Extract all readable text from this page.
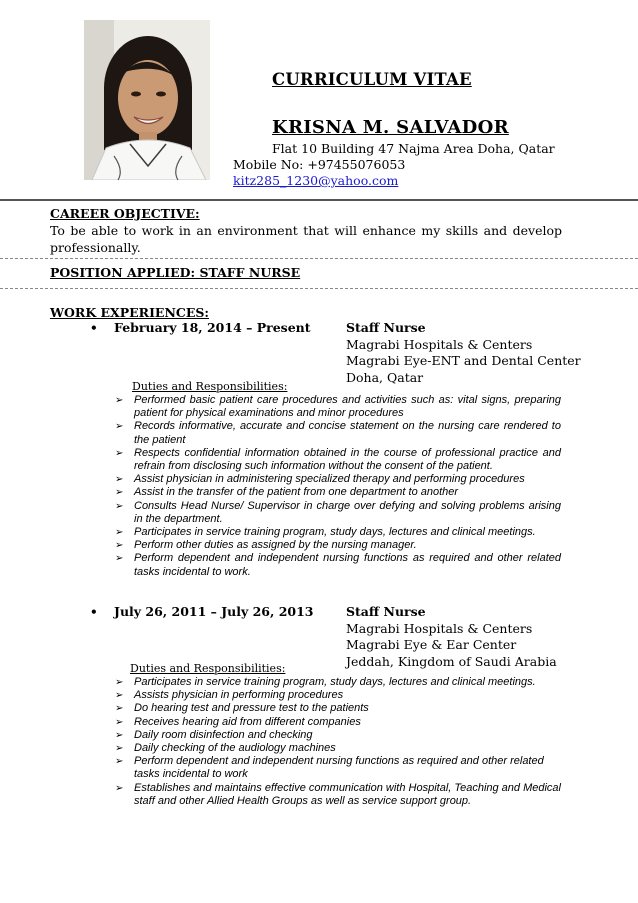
CURRICULUM VITAE
KRISNA M. SALVADOR
Flat 10 Building 47 Najma Area Doha, Qatar
Mobile No: +97455076053
kitz285_1230@yahoo.com
CAREER OBJECTIVE:
To be able to work in an environment that will enhance my skills and develop professionally.
POSITION APPLIED: STAFF NURSE
WORK EXPERIENCES:
• February 18, 2014 – Present	Staff Nurse
Magrabi Hospitals & Centers
Magrabi Eye-ENT and Dental Center
Doha, Qatar
Duties and Responsibilities:
➢ Performed basic patient care procedures and activities such as: vital signs, preparing patient for physical examinations and minor procedures
➢ Records informative, accurate and concise statement on the nursing care rendered to the patient
➢ Respects confidential information obtained in the course of professional practice and refrain from disclosing such information without the consent of the patient.
➢ Assist physician in administering specialized therapy and performing procedures
➢ Assist in the transfer of the patient from one department to another
➢ Consults Head Nurse/ Supervisor in charge over defying and solving problems arising in the department.
➢ Participates in service training program, study days, lectures and clinical meetings.
➢ Perform other duties as assigned by the nursing manager.
➢ Perform dependent and independent nursing functions as required and other related tasks incidental to work.
• July 26, 2011 – July 26, 2013	Staff Nurse
Magrabi Hospitals & Centers
Magrabi Eye & Ear Center
Jeddah, Kingdom of Saudi Arabia
Duties and Responsibilities:
➢ Participates in service training program, study days, lectures and clinical meetings.
➢ Assists physician in performing procedures
➢ Do hearing test and pressure test to the patients
➢ Receives hearing aid from different companies
➢ Daily room disinfection and checking
➢ Daily checking of the audiology machines
➢ Perform dependent and independent nursing functions as required and other related tasks incidental to work
➢ Establishes and maintains effective communication with Hospital, Teaching and Medical staff and other Allied Health Groups as well as service support group.
